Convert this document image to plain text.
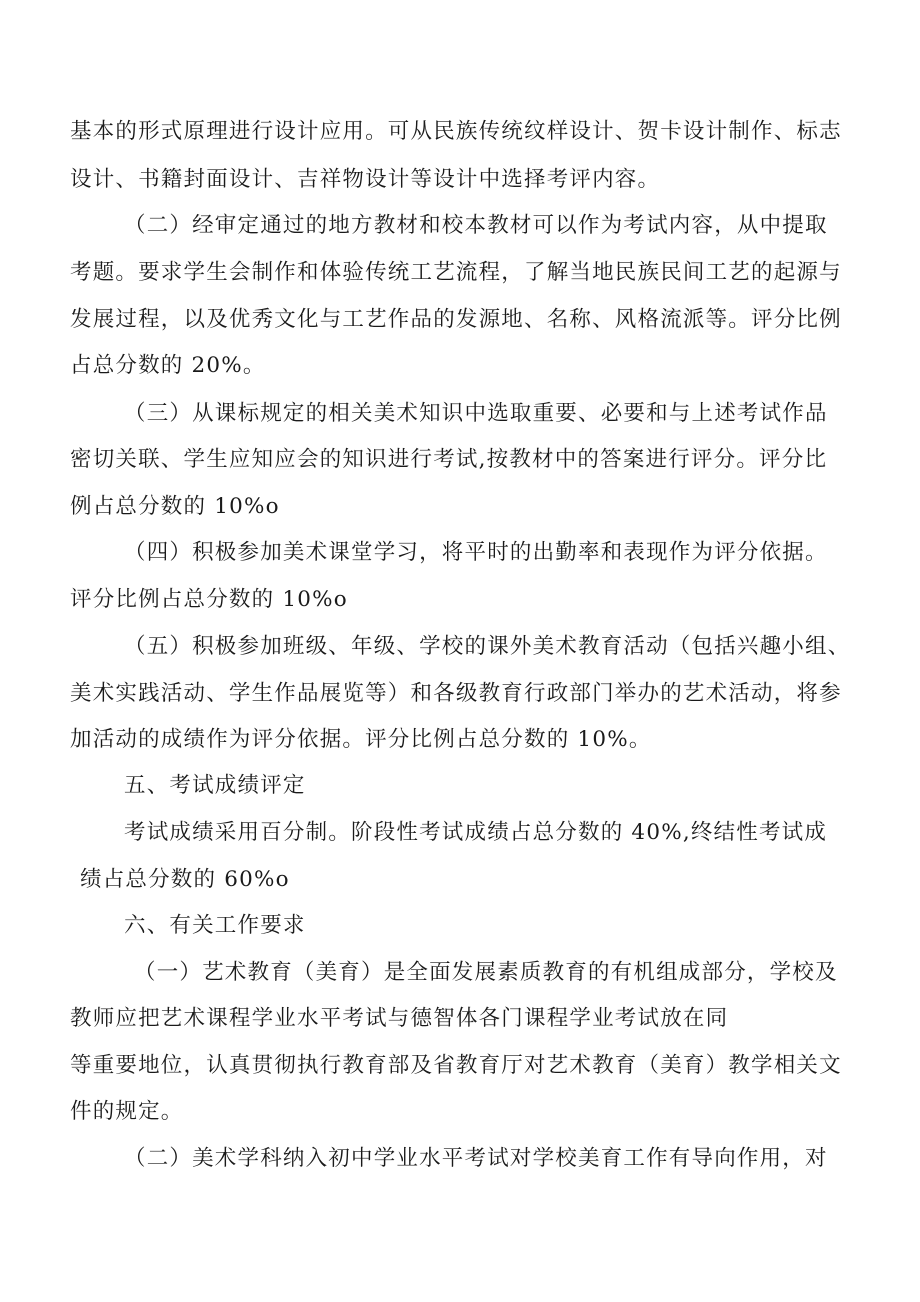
基本的形式原理进行设计应用。可从民族传统纹样设计、贺卡设计制作、标志
设计、书籍封面设计、吉祥物设计等设计中选择考评内容。
（二）经审定通过的地方教材和校本教材可以作为考试内容，从中提取
考题。要求学生会制作和体验传统工艺流程，了解当地民族民间工艺的起源与
发展过程，以及优秀文化与工艺作品的发源地、名称、风格流派等。评分比例
占总分数的 20%。
（三）从课标规定的相关美术知识中选取重要、必要和与上述考试作品
密切关联、学生应知应会的知识进行考试,按教材中的答案进行评分。评分比
例占总分数的 10%o
（四）积极参加美术课堂学习，将平时的出勤率和表现作为评分依据。
评分比例占总分数的 10%o
（五）积极参加班级、年级、学校的课外美术教育活动（包括兴趣小组、
美术实践活动、学生作品展览等）和各级教育行政部门举办的艺术活动，将参
加活动的成绩作为评分依据。评分比例占总分数的 10%。
五、考试成绩评定
考试成绩采用百分制。阶段性考试成绩占总分数的 40%,终结性考试成
绩占总分数的 60%o
六、有关工作要求
（一）艺术教育（美育）是全面发展素质教育的有机组成部分，学校及
教师应把艺术课程学业水平考试与德智体各门课程学业考试放在同
等重要地位，认真贯彻执行教育部及省教育厅对艺术教育（美育）教学相关文
件的规定。
（二）美术学科纳入初中学业水平考试对学校美育工作有导向作用，对
